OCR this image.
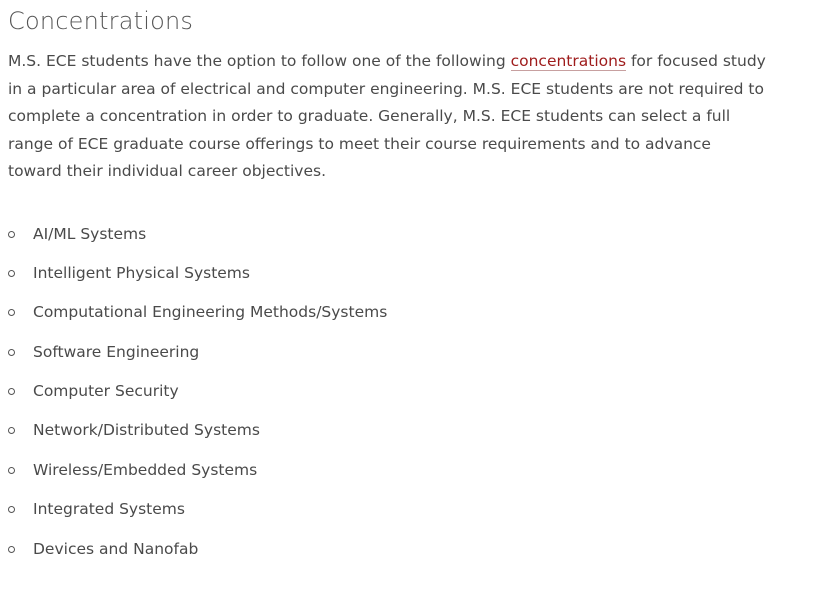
Concentrations

M.S. ECE students have the option to follow one of the following concentrations for focused study in a particular area of electrical and computer engineering. M.S. ECE students are not required to complete a concentration in order to graduate. Generally, M.S. ECE students can select a full range of ECE graduate course offerings to meet their course requirements and to advance toward their individual career objectives.

AI/ML Systems
Intelligent Physical Systems
Computational Engineering Methods/Systems
Software Engineering
Computer Security
Network/Distributed Systems
Wireless/Embedded Systems
Integrated Systems
Devices and Nanofab
